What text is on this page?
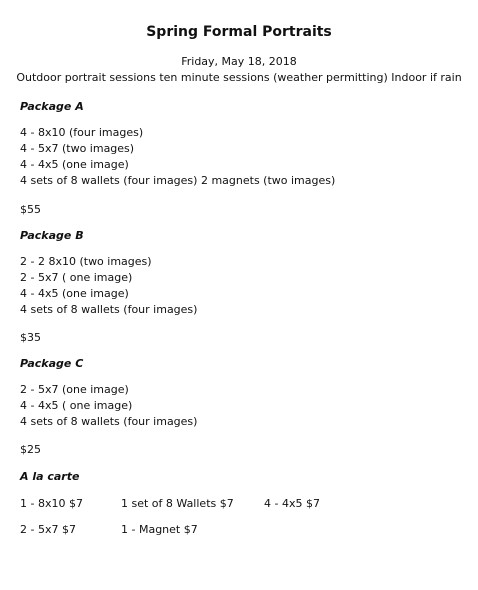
Spring Formal Portraits
Friday, May 18, 2018
Outdoor portrait sessions ten minute sessions (weather permitting) Indoor if rain
Package A
4 - 8x10 (four images)
4 - 5x7 (two images)
4 - 4x5 (one image)
4 sets of 8 wallets (four images) 2 magnets (two images)
$55
Package B
2 - 2 8x10 (two images)
2 - 5x7 ( one image)
4 - 4x5 (one image)
4 sets of 8 wallets (four images)
$35
Package C
2 - 5x7 (one image)
4 - 4x5 ( one image)
4 sets of 8 wallets (four images)
$25
A la carte
1 - 8x10 $7	1 set of 8 Wallets $7	4 - 4x5 $7
2 - 5x7 $7	1 - Magnet $7
